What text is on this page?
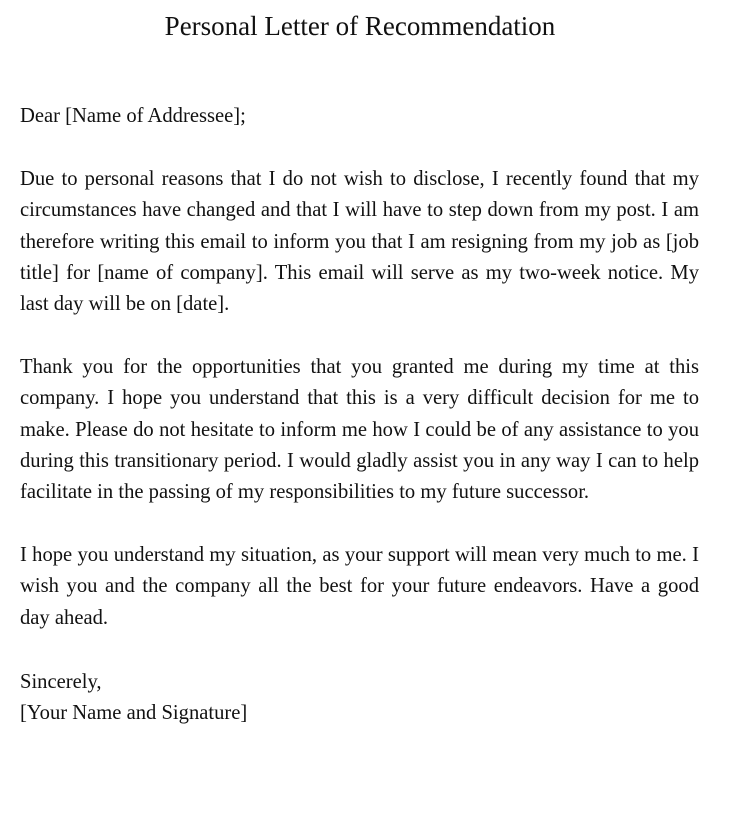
Personal Letter of Recommendation

Dear [Name of Addressee];

Due to personal reasons that I do not wish to disclose, I recently found that my circumstances have changed and that I will have to step down from my post. I am therefore writing this email to inform you that I am resigning from my job as [job title] for [name of company]. This email will serve as my two-week notice. My last day will be on [date].

Thank you for the opportunities that you granted me during my time at this company. I hope you understand that this is a very difficult decision for me to make. Please do not hesitate to inform me how I could be of any assistance to you during this transitionary period. I would gladly assist you in any way I can to help facilitate in the passing of my responsibilities to my future successor.

I hope you understand my situation, as your support will mean very much to me. I wish you and the company all the best for your future endeavors. Have a good day ahead.

Sincerely,

[Your Name and Signature]
